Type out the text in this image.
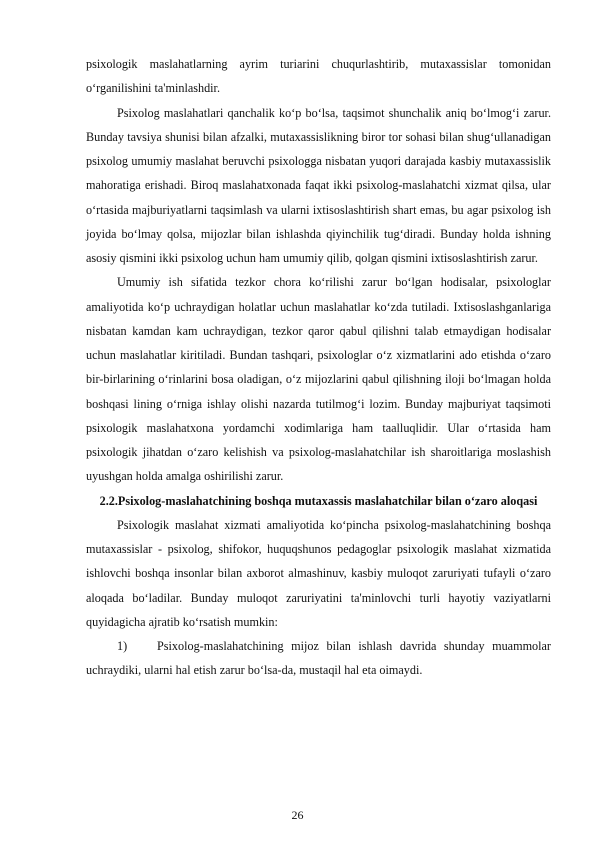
psixologik maslahatlarning ayrim turiarini chuqurlashtirib, mutaxassislar tomonidan o‘rganilishini ta'minlashdir.

Psixolog maslahatlari qanchalik ko‘p bo‘lsa, taqsimot shunchalik aniq bo‘lmog‘i zarur. Bunday tavsiya shunisi bilan afzalki, mutaxassislikning biror tor sohasi bilan shug‘ullanadigan psixolog umumiy maslahat beruvchi psixologga nisbatan yuqori darajada kasbiy mutaxassislik mahoratiga erishadi. Biroq maslahatxonada faqat ikki psixolog-maslahatchi xizmat qilsa, ular o‘rtasida majburiyatlarni taqsimlash va ularni ixtisoslashtirish shart emas, bu agar psixolog ish joyida bo‘lmay qolsa, mijozlar bilan ishlashda qiyinchilik tug‘diradi. Bunday holda ishning asosiy qismini ikki psixolog uchun ham umumiy qilib, qolgan qismini ixtisoslashtirish zarur.

Umumiy ish sifatida tezkor chora ko‘rilishi zarur bo‘lgan hodisalar, psixologlar amaliyotida ko‘p uchraydigan holatlar uchun maslahatlar ko‘zda tutiladi. Ixtisoslashganlariga nisbatan kamdan kam uchraydigan, tezkor qaror qabul qilishni talab etmaydigan hodisalar uchun maslahatlar kiritiladi. Bundan tashqari, psixologlar o‘z xizmatlarini ado etishda o‘zaro bir-birlarining o‘rinlarini bosa oladigan, o‘z mijozlarini qabul qilishning iloji bo‘lmagan holda boshqasi lining o‘rniga ishlay olishi nazarda tutilmog‘i lozim. Bunday majburiyat taqsimoti psixologik maslahatxona yordamchi xodimlariga ham taalluqlidir. Ular o‘rtasida ham psixologik jihatdan o‘zaro kelishish va psixolog-maslahatchilar ish sharoitlariga moslashish uyushgan holda amalga oshirilishi zarur.

2.2.Psixolog-maslahatchining boshqa mutaxassis maslahatchilar bilan o‘zaro aloqasi

Psixologik maslahat xizmati amaliyotida ko‘pincha psixolog-maslahatchining boshqa mutaxassislar - psixolog, shifokor, huquqshunos pedagoglar psixologik maslahat xizmatida ishlovchi boshqa insonlar bilan axborot almashinuv, kasbiy muloqot zaruriyati tufayli o‘zaro aloqada bo‘ladilar. Bunday muloqot zaruriyatini ta'minlovchi turli hayotiy vaziyatlarni quyidagicha ajratib ko‘rsatish mumkin:

1) Psixolog-maslahatchining mijoz bilan ishlash davrida shunday muammolar uchraydiki, ularni hal etish zarur bo‘lsa-da, mustaqil hal eta oimaydi.

26
